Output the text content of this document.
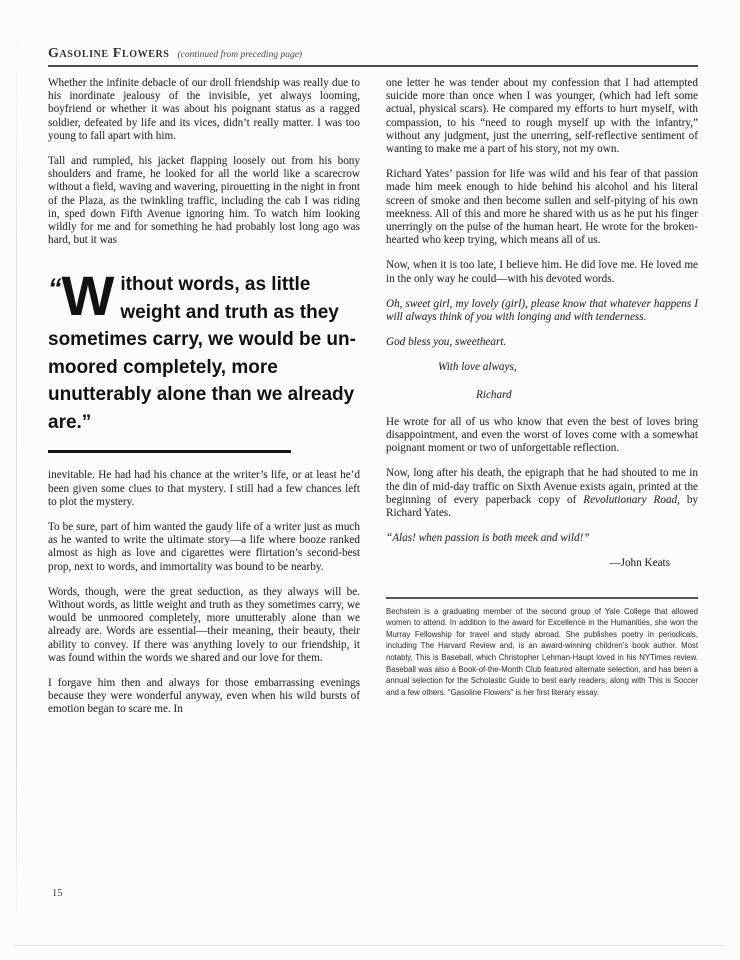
Gasoline Flowers (continued from preceding page)

Whether the infinite debacle of our droll friendship was really due to his inordinate jealousy of the invisible, yet always looming, boyfriend or whether it was about his poignant status as a ragged soldier, defeated by life and its vices, didn’t really matter. I was too young to fall apart with him.

Tall and rumpled, his jacket flapping loosely out from his bony shoulders and frame, he looked for all the world like a scarecrow without a field, waving and wavering, pirouetting in the night in front of the Plaza, as the twinkling traffic, including the cab I was riding in, sped down Fifth Avenue ignoring him. To watch him looking wildly for me and for something he had probably lost long ago was hard, but it was

“W ithout words, as little weight and truth as they sometimes carry, we would be un-moored completely, more unutterably alone than we already are.”

inevitable. He had had his chance at the writer’s life, or at least he’d been given some clues to that mystery. I still had a few chances left to plot the mystery.

To be sure, part of him wanted the gaudy life of a writer just as much as he wanted to write the ultimate story—a life where booze ranked almost as high as love and cigarettes were flirtation’s second-best prop, next to words, and immortality was bound to be nearby.

Words, though, were the great seduction, as they always will be. Without words, as little weight and truth as they sometimes carry, we would be unmoored completely, more unutterably alone than we already are. Words are essential—their meaning, their beauty, their ability to convey. If there was anything lovely to our friendship, it was found within the words we shared and our love for them.

I forgave him then and always for those embarrassing evenings because they were wonderful anyway, even when his wild bursts of emotion began to scare me. In

one letter he was tender about my confession that I had attempted suicide more than once when I was younger, (which had left some actual, physical scars). He compared my efforts to hurt myself, with compassion, to his “need to rough myself up with the infantry,” without any judgment, just the unerring, self-reflective sentiment of wanting to make me a part of his story, not my own.

Richard Yates’ passion for life was wild and his fear of that passion made him meek enough to hide behind his alcohol and his literal screen of smoke and then become sullen and self-pitying of his own meekness. All of this and more he shared with us as he put his finger unerringly on the pulse of the human heart. He wrote for the broken-hearted who keep trying, which means all of us.

Now, when it is too late, I believe him. He did love me. He loved me in the only way he could—with his devoted words.

Oh, sweet girl, my lovely (girl), please know that whatever happens I will always think of you with longing and with tenderness.

God bless you, sweetheart.

With love always,

Richard

He wrote for all of us who know that even the best of loves bring disappointment, and even the worst of loves come with a somewhat poignant moment or two of unforgettable reflection.

Now, long after his death, the epigraph that he had shouted to me in the din of mid-day traffic on Sixth Avenue exists again, printed at the beginning of every paperback copy of Revolutionary Road, by Richard Yates.

“Alas! when passion is both meek and wild!”

—John Keats

Bechstein is a graduating member of the second group of Yale College that allowed women to attend. In addition to the award for Excellence in the Humanities, she won the Murray Fellowship for travel and study abroad. She publishes poetry in periodicals, including The Harvard Review and, is an award-winning children’s book author. Most notably, This is Baseball, which Christopher Lehman-Haupt loved in his NYTimes review. Baseball was also a Book-of-the-Month Club featured alternate selection, and has been a annual selection for the Scholastic Guide to best early readers, along with This is Soccer and a few others. “Gasoline Flowers” is her first literary essay.

15
